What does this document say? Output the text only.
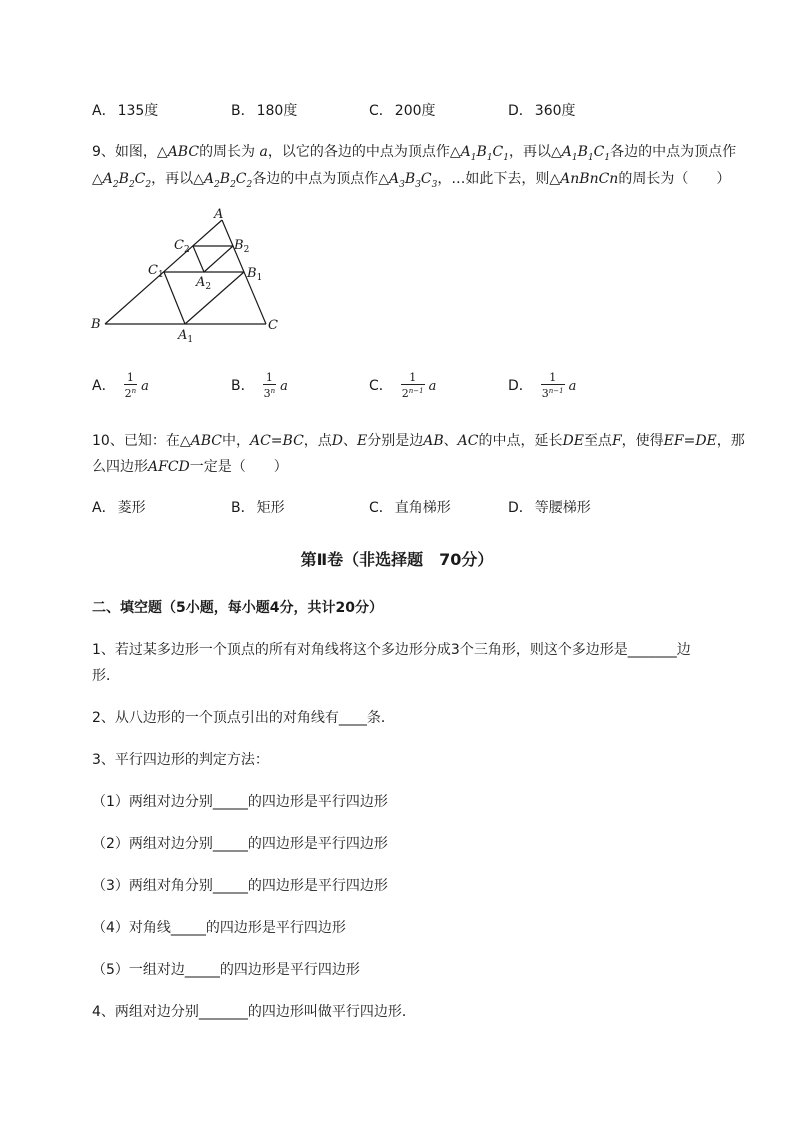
A． 135度	B． 180度	C． 200度	D． 360度
9、如图，△ABC的周长为 a，以它的各边的中点为顶点作$\triangle A_1B_1C_1$，再以$\triangle A_1B_1C_1$各边的中点为顶点作
$\triangle A_2B_2C_2$，再以$\triangle A_2B_2C_2$各边的中点为顶点作$\triangle A_3B_3C_3$，…如此下去，则△AnBnCn的周长为（　　）
A
B	C
$C_2$	$B_2$
$C_1$	$B_1$
$A_2$
$A_1$
A． $\frac{1}{2^n}$ a	B． $\frac{1}{3^n}$ a	C． $\frac{1}{2^{n-1}}$ a	D． $\frac{1}{3^{n-1}}$ a
10、已知：在△ABC中，AC=BC，点D、E分别是边AB、AC的中点，延长DE至点F，使得EF=DE，那
么四边形AFCD一定是（　　）
A． 菱形	B． 矩形	C． 直角梯形	D． 等腰梯形
第Ⅱ卷（非选择题　70分）
二、填空题（5小题，每小题4分，共计20分）
1、若过某多边形一个顶点的所有对角线将这个多边形分成3个三角形，则这个多边形是_______边
形．
2、从八边形的一个顶点引出的对角线有____条．
3、平行四边形的判定方法：
（1）两组对边分别_____的四边形是平行四边形
（2）两组对边分别_____的四边形是平行四边形
（3）两组对角分别_____的四边形是平行四边形
（4）对角线_____的四边形是平行四边形
（5）一组对边_____的四边形是平行四边形
4、两组对边分别_______的四边形叫做平行四边形．
